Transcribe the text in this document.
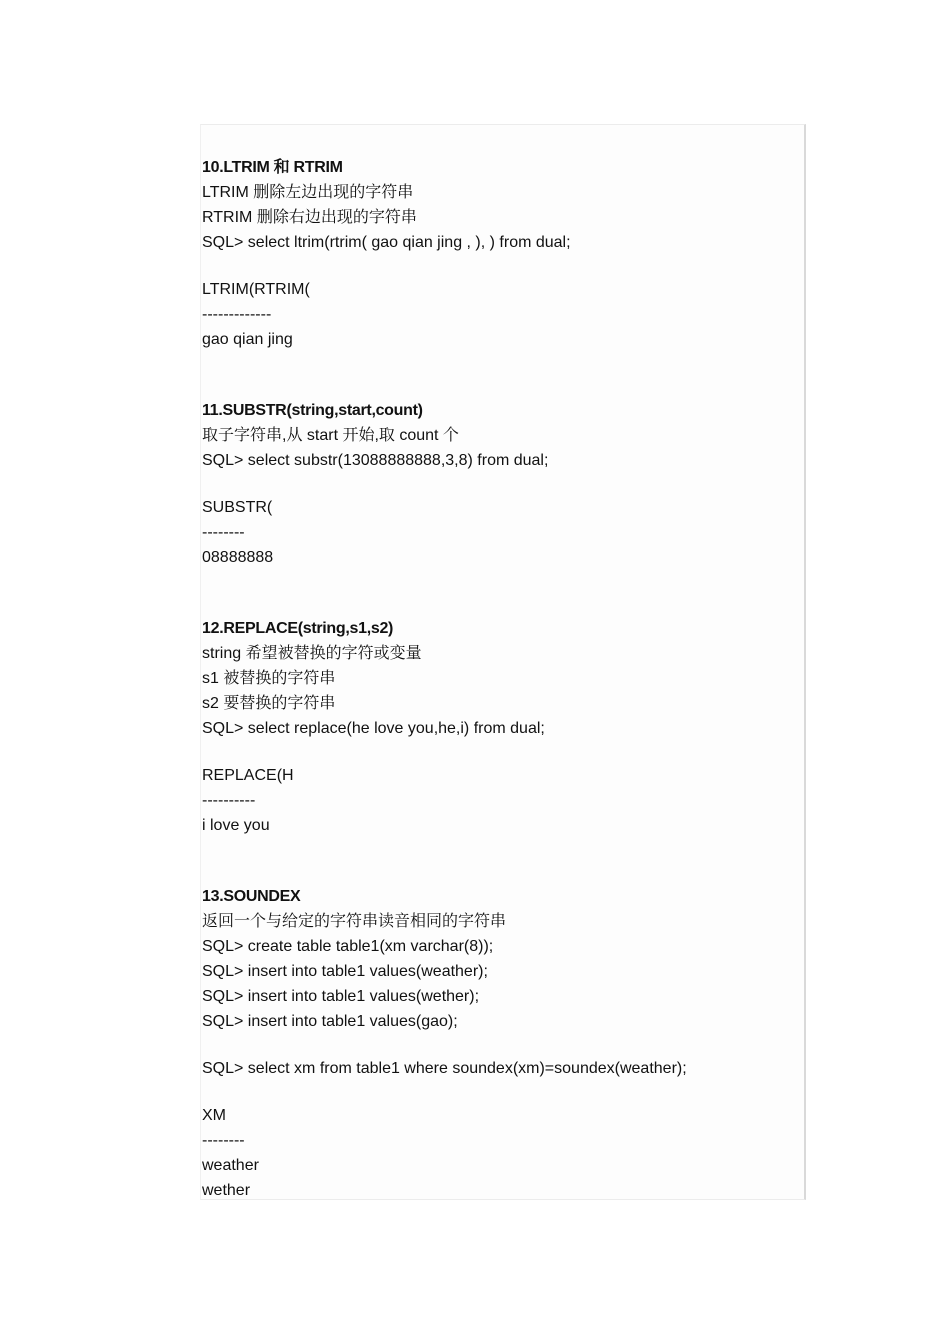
10.LTRIM 和 RTRIM
LTRIM 删除左边出现的字符串
RTRIM 删除右边出现的字符串
SQL> select ltrim(rtrim( gao qian jing , ), ) from dual;
LTRIM(RTRIM(
-------------
gao qian jing
11.SUBSTR(string,start,count)
取子字符串,从 start 开始,取 count 个
SQL> select substr(13088888888,3,8) from dual;
SUBSTR(
--------
08888888
12.REPLACE(string,s1,s2)
string 希望被替换的字符或变量
s1 被替换的字符串
s2 要替换的字符串
SQL> select replace(he love you,he,i) from dual;
REPLACE(H
----------
i love you
13.SOUNDEX
返回一个与给定的字符串读音相同的字符串
SQL> create table table1(xm varchar(8));
SQL> insert into table1 values(weather);
SQL> insert into table1 values(wether);
SQL> insert into table1 values(gao);
SQL> select xm from table1 where soundex(xm)=soundex(weather);
XM
--------
weather
wether
